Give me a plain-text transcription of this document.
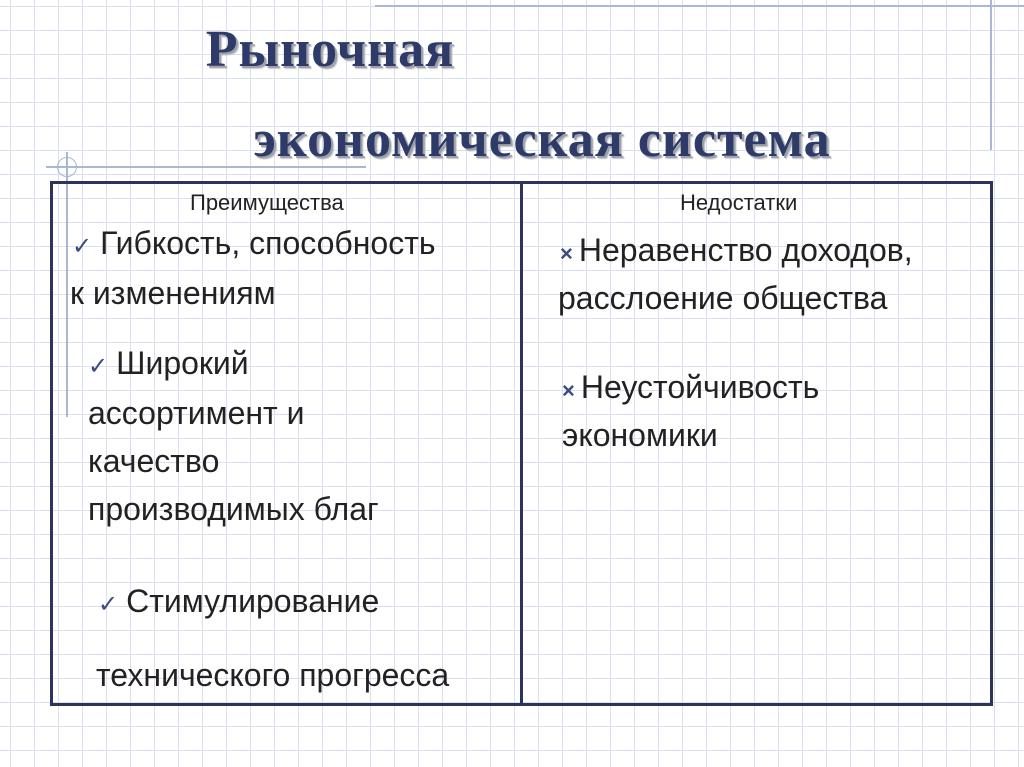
Рыночная
экономическая система
Преимущества	Недостатки
✓ Гибкость, способность
к изменениям
✓ Широкий
ассортимент и
качество
производимых благ
✓ Стимулирование
технического прогресса
× Неравенство доходов,
расслоение общества
× Неустойчивость
экономики
